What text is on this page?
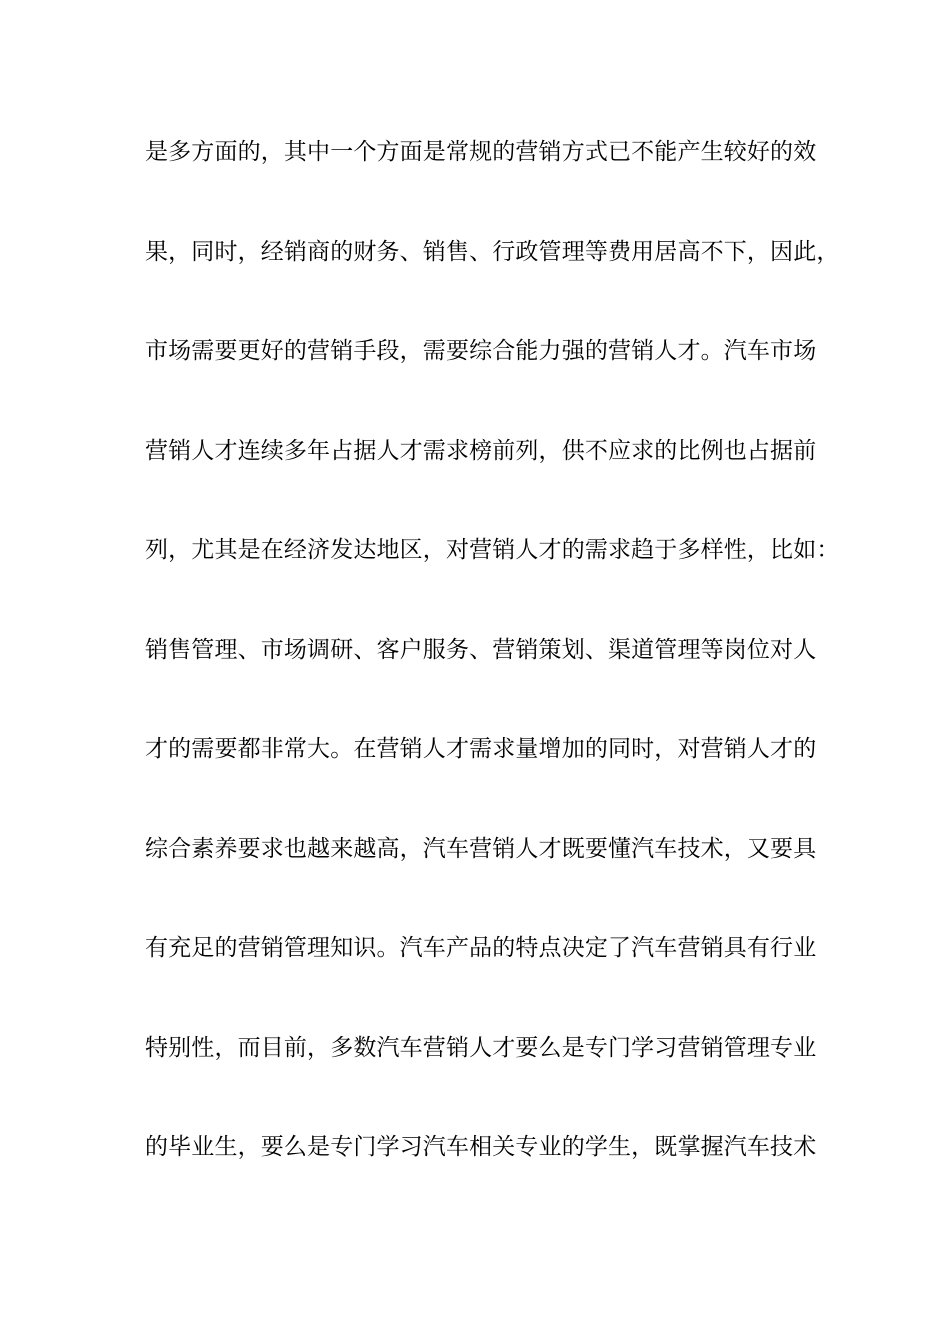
是多方面的，其中一个方面是常规的营销方式已不能产生较好的效
果，同时，经销商的财务、销售、行政管理等费用居高不下，因此，
市场需要更好的营销手段，需要综合能力强的营销人才。汽车市场
营销人才连续多年占据人才需求榜前列，供不应求的比例也占据前
列，尤其是在经济发达地区，对营销人才的需求趋于多样性，比如：
销售管理、市场调研、客户服务、营销策划、渠道管理等岗位对人
才的需要都非常大。在营销人才需求量增加的同时，对营销人才的
综合素养要求也越来越高，汽车营销人才既要懂汽车技术，又要具
有充足的营销管理知识。汽车产品的特点决定了汽车营销具有行业
特别性，而目前，多数汽车营销人才要么是专门学习营销管理专业
的毕业生，要么是专门学习汽车相关专业的学生，既掌握汽车技术
